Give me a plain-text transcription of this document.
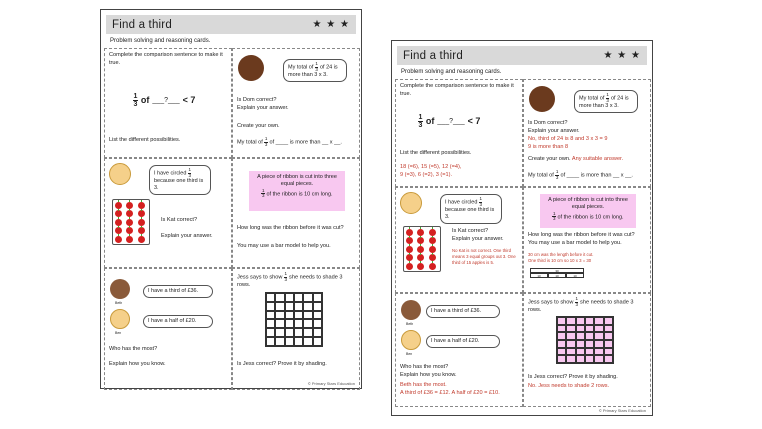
Find a third	★ ★ ★
Problem solving and reasoning cards.
Complete the comparison sentence to make it true.
$\frac{1}{3}$ of ___?___ < 7
List the different possibilities.
My total of $\frac{1}{3}$ of 24 is more than 3 x 3.
Is Dom correct?
Explain your answer.
Create your own.
My total of $\frac{1}{3}$ of ____ is more than __ x __.
I have circled $\frac{1}{3}$
because one third is 3.
Is Kat correct?
Explain your answer.
A piece of ribbon is cut into three equal pieces.
$\frac{1}{3}$ of the ribbon is 10 cm long.
How long was the ribbon before it was cut?
You may use a bar model to help you.
Beth
I have a third of £36.
Ben
I have a half of £20.
Who has the most?
Explain how you know.
Jess says to show $\frac{1}{3}$ she needs to shade 3 rows.
Is Jess correct? Prove it by shading.
© Primary Stars Education
Find a third	★ ★ ★
Problem solving and reasoning cards.
Complete the comparison sentence to make it true.
$\frac{1}{3}$ of ___?___ < 7
List the different possibilities.
18 (=6), 15 (=5), 12 (=4),
9 (=3), 6 (=2), 3 (=1).
My total of $\frac{1}{3}$ of 24 is more than 3 x 3.
Is Dom correct?
Explain your answer.
No, third of 24 is 8 and 3 x 3 = 9
9 is more than 8
Create your own. Any suitable answer.
My total of $\frac{1}{3}$ of ____ is more than __ x __.
I have circled $\frac{1}{3}$
because one third is 3.
Is Kat correct?
Explain your answer.
No Kat is not correct. One third means 3 equal groups out 3. One third of 15 apples is 5.
A piece of ribbon is cut into three equal pieces.
$\frac{1}{3}$ of the ribbon is 10 cm long.
How long was the ribbon before it was cut?
You may use a bar model to help you.
30 cm was the length before it cut.
One third is 10 cm so 10 x 3 = 30
30
10	10	10
Beth
I have a third of £36.
Ben
I have a half of £20.
Who has the most?
Explain how you know.
Beth has the most.
A third of £36 = £12. A half of £20 = £10.
Jess says to show $\frac{1}{3}$ she needs to shade 3 rows.
Is Jess correct? Prove it by shading.
No. Jess needs to shade 2 rows.
© Primary Stars Education
